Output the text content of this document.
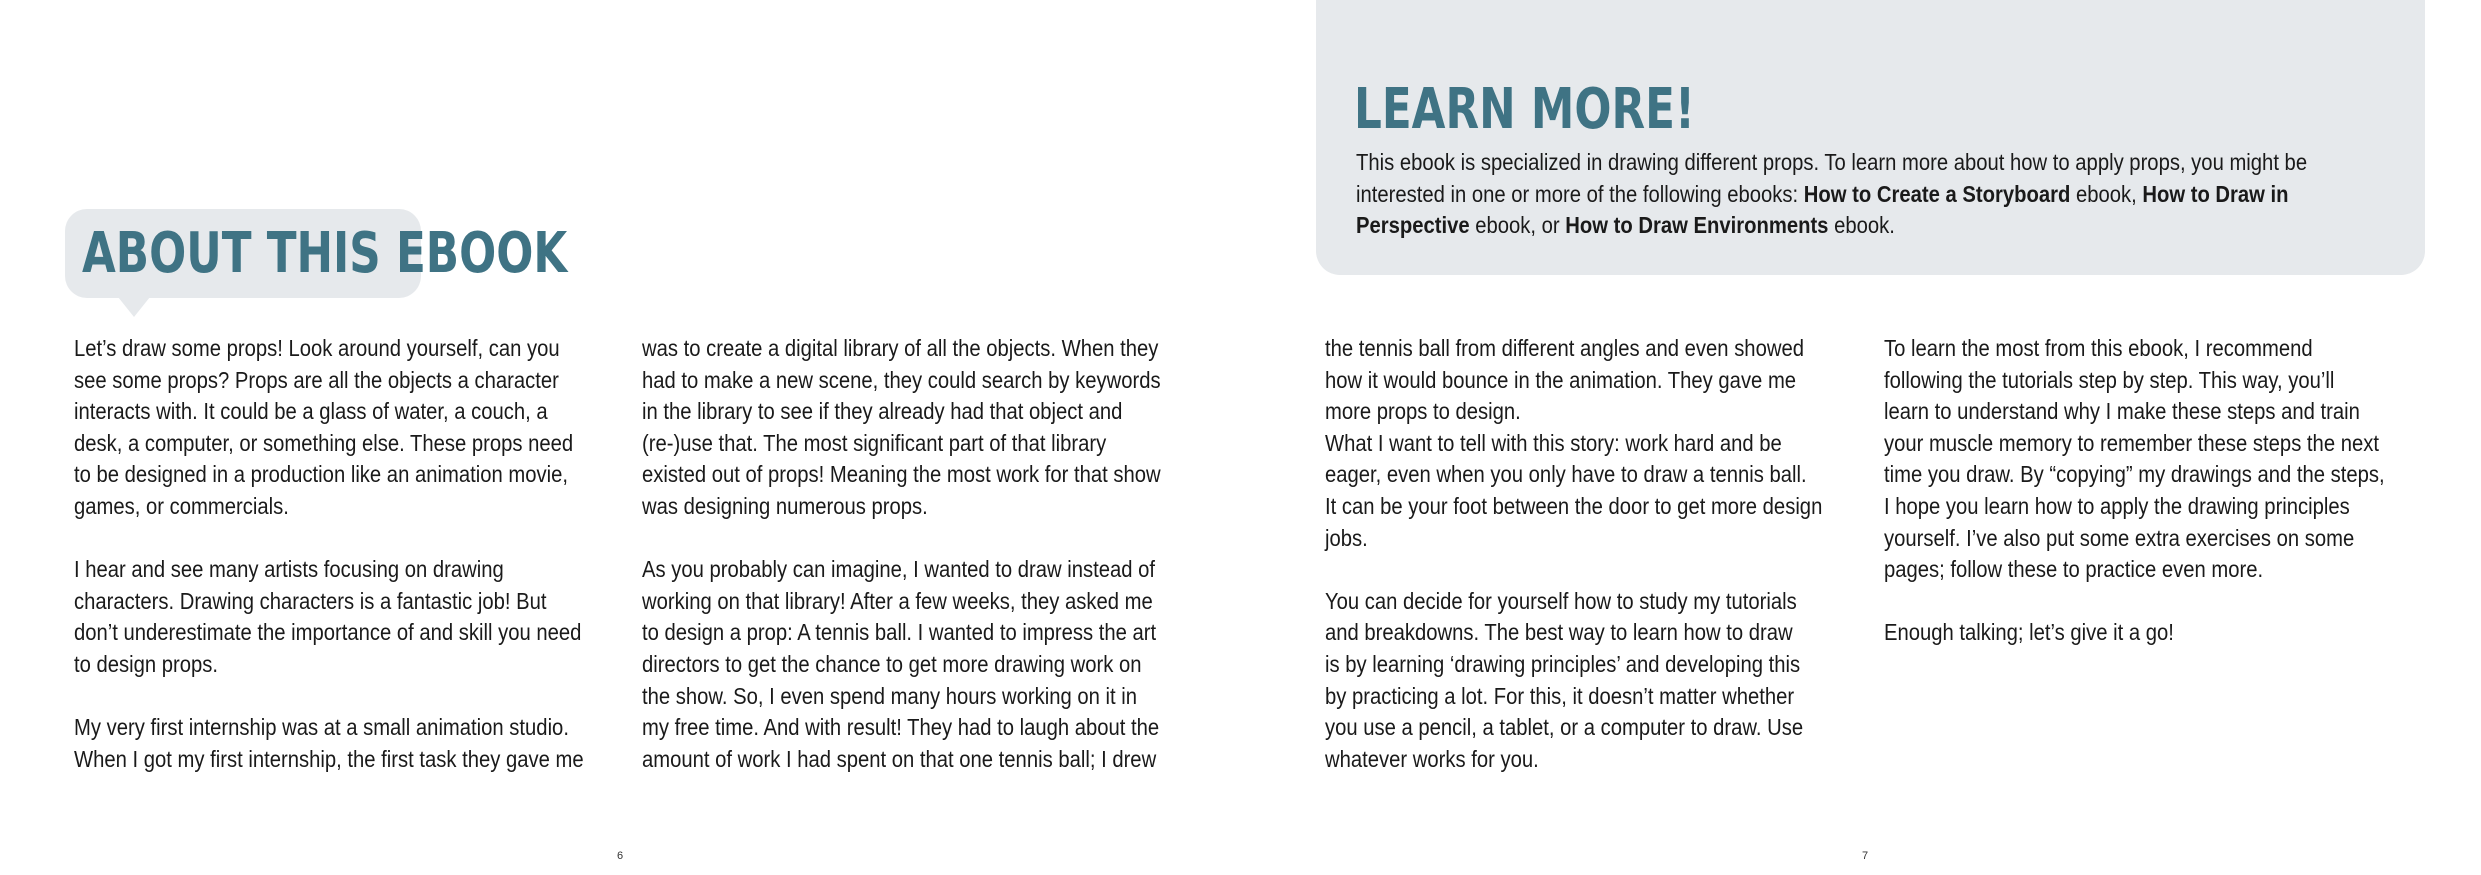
ABOUT THIS EBOOK

Let’s draw some props! Look around yourself, can you
see some props? Props are all the objects a character
interacts with. It could be a glass of water, a couch, a
desk, a computer, or something else. These props need
to be designed in a production like an animation movie,
games, or commercials.

I hear and see many artists focusing on drawing
characters. Drawing characters is a fantastic job! But
don’t underestimate the importance of and skill you need
to design props.

My very first internship was at a small animation studio.
When I got my first internship, the first task they gave me

was to create a digital library of all the objects. When they
had to make a new scene, they could search by keywords
in the library to see if they already had that object and
(re-)use that. The most significant part of that library
existed out of props! Meaning the most work for that show
was designing numerous props.

As you probably can imagine, I wanted to draw instead of
working on that library! After a few weeks, they asked me
to design a prop: A tennis ball. I wanted to impress the art
directors to get the chance to get more drawing work on
the show. So, I even spend many hours working on it in
my free time. And with result! They had to laugh about the
amount of work I had spent on that one tennis ball; I drew

6
LEARN MORE!
This ebook is specialized in drawing different props. To learn more about how to apply props, you might be
interested in one or more of the following ebooks: How to Create a Storyboard ebook, How to Draw in
Perspective ebook, or How to Draw Environments ebook.

the tennis ball from different angles and even showed
how it would bounce in the animation. They gave me
more props to design.
What I want to tell with this story: work hard and be
eager, even when you only have to draw a tennis ball.
It can be your foot between the door to get more design
jobs.

You can decide for yourself how to study my tutorials
and breakdowns. The best way to learn how to draw
is by learning ‘drawing principles’ and developing this
by practicing a lot. For this, it doesn’t matter whether
you use a pencil, a tablet, or a computer to draw. Use
whatever works for you.

To learn the most from this ebook, I recommend
following the tutorials step by step. This way, you’ll
learn to understand why I make these steps and train
your muscle memory to remember these steps the next
time you draw. By “copying” my drawings and the steps,
I hope you learn how to apply the drawing principles
yourself. I’ve also put some extra exercises on some
pages; follow these to practice even more.

Enough talking; let’s give it a go!

7
